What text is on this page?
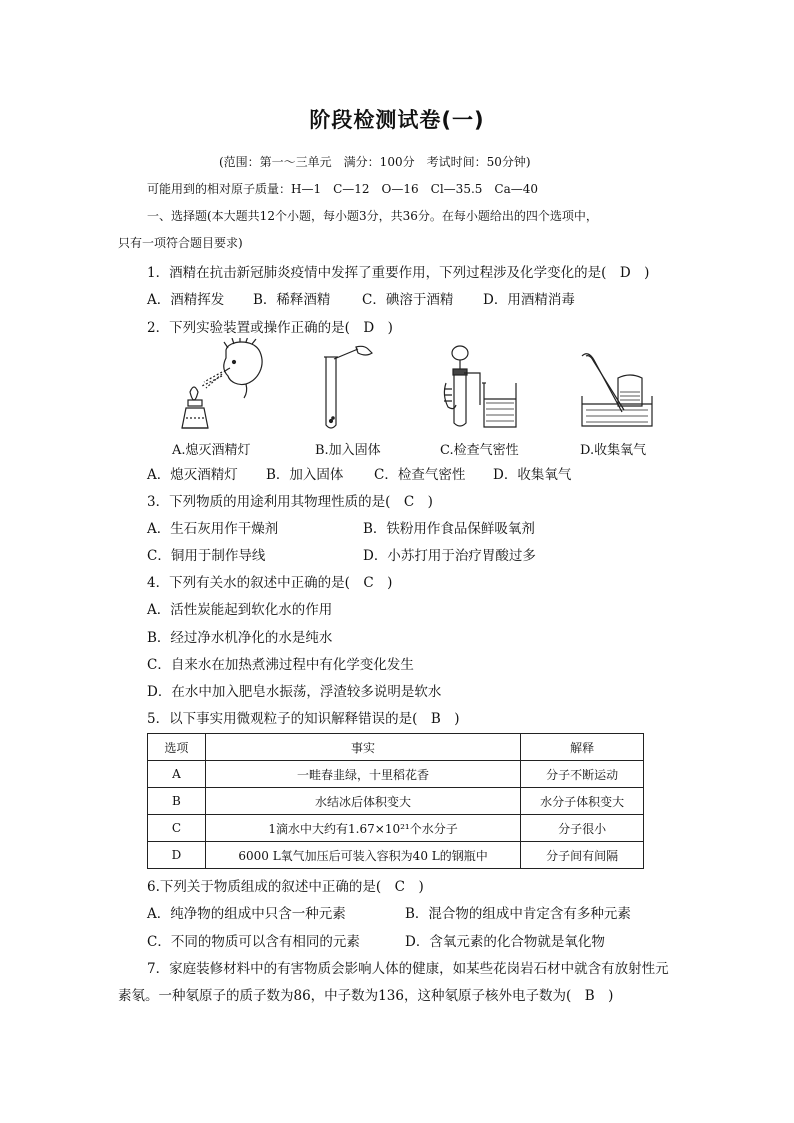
阶段检测试卷(一)
(范围：第一～三单元　满分：100分　考试时间：50分钟)
可能用到的相对原子质量：H—1　C—12　O—16　Cl—35.5　Ca—40
一、选择题(本大题共12个小题，每小题3分，共36分。在每小题给出的四个选项中，
只有一项符合题目要求)
1．酒精在抗击新冠肺炎疫情中发挥了重要作用，下列过程涉及化学变化的是(　D　)
A．酒精挥发 B．稀释酒精 C．碘溶于酒精 D．用酒精消毒
2．下列实验装置或操作正确的是(　D　)
A.熄灭酒精灯	B.加入固体	C.检查气密性	D.收集氧气
A．熄灭酒精灯 B．加入固体 C．检查气密性 D．收集氧气
3．下列物质的用途利用其物理性质的是(　C　)
A．生石灰用作干燥剂	B．铁粉用作食品保鲜吸氧剂
C．铜用于制作导线	D．小苏打用于治疗胃酸过多
4．下列有关水的叙述中正确的是(　C　)
A．活性炭能起到软化水的作用
B．经过净水机净化的水是纯水
C．自来水在加热煮沸过程中有化学变化发生
D．在水中加入肥皂水振荡，浮渣较多说明是软水
5．以下事实用微观粒子的知识解释错误的是(　B　)
选项	事实	解释
A	一畦春韭绿，十里稻花香	分子不断运动
B	水结冰后体积变大	水分子体积变大
C	1滴水中大约有1.67×10²¹个水分子	分子很小
D	6000 L氧气加压后可装入容积为40 L的钢瓶中	分子间有间隔
6.下列关于物质组成的叙述中正确的是(　C　)
A．纯净物的组成中只含一种元素	B．混合物的组成中肯定含有多种元素
C．不同的物质可以含有相同的元素	D．含氧元素的化合物就是氧化物
7．家庭装修材料中的有害物质会影响人体的健康，如某些花岗岩石材中就含有放射性元
素氡。一种氡原子的质子数为86，中子数为136，这种氡原子核外电子数为(　B　)
